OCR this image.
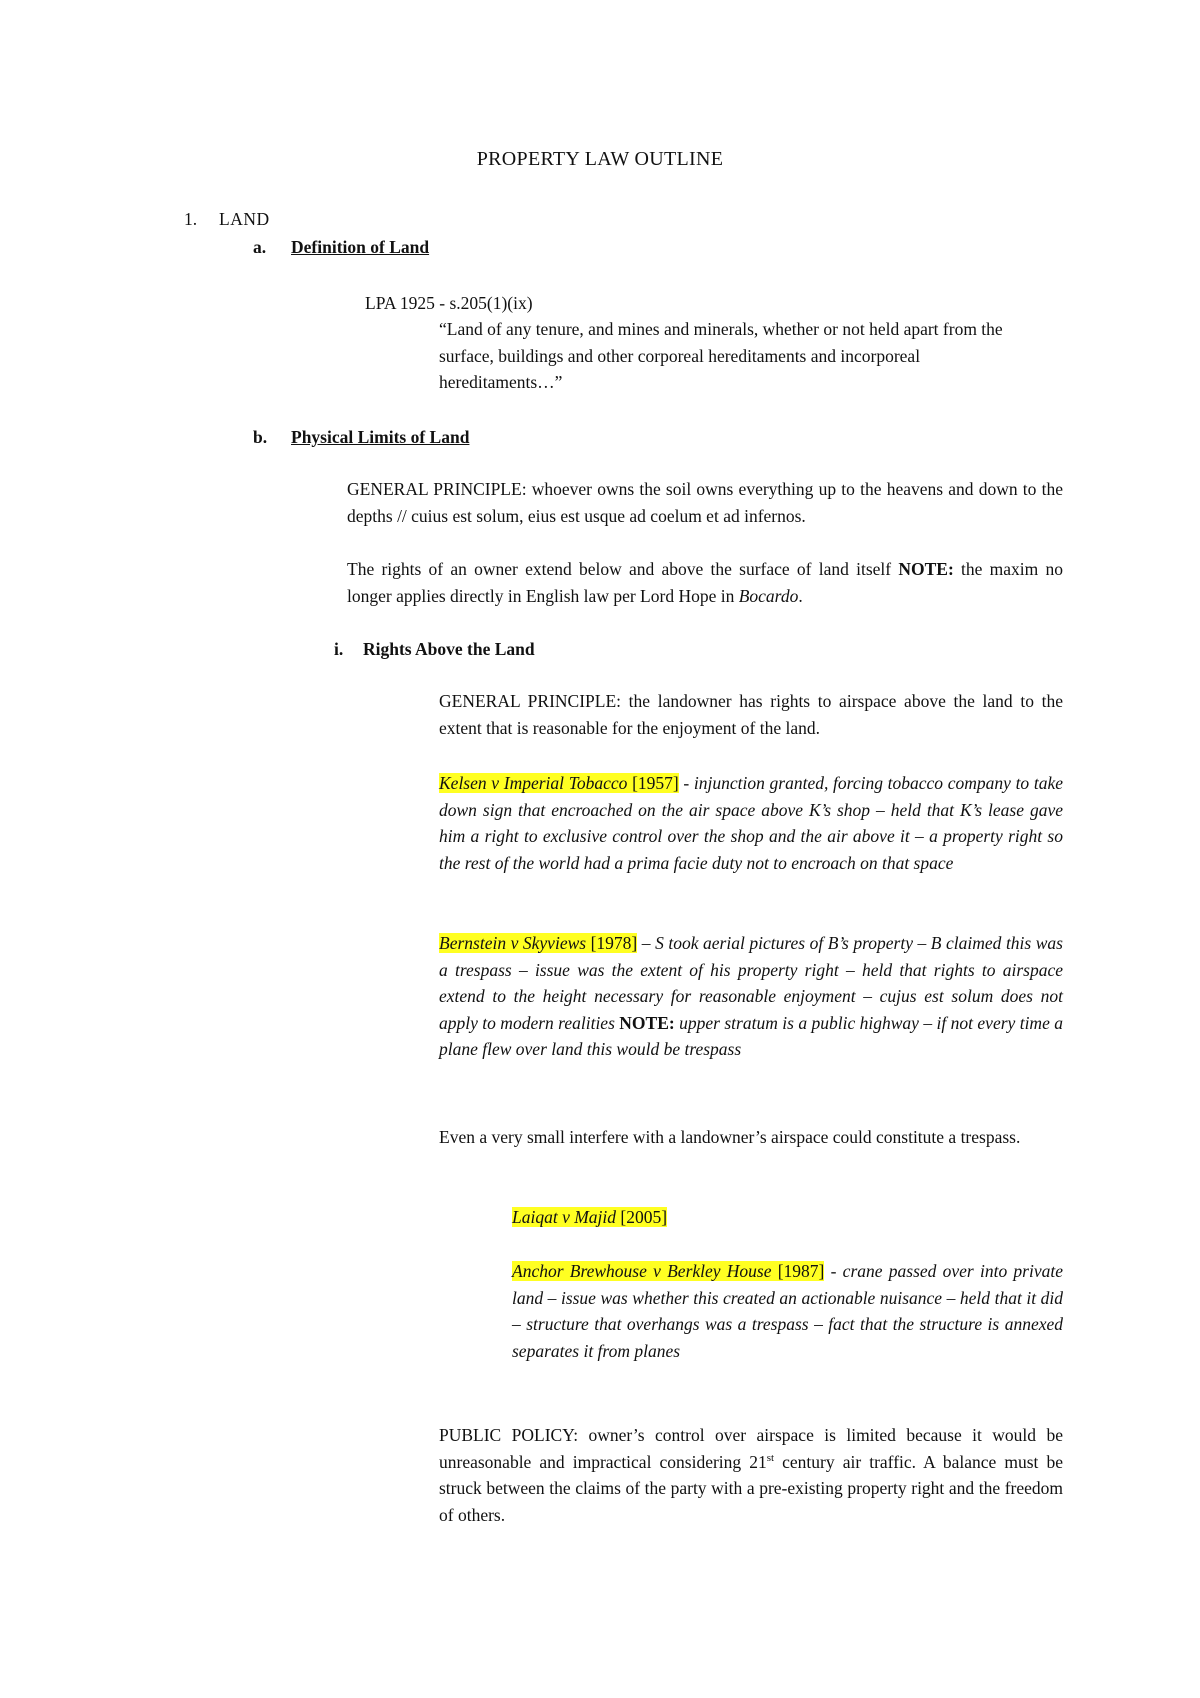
PROPERTY LAW OUTLINE
1. LAND
a. Definition of Land
LPA 1925 - s.205(1)(ix)
“Land of any tenure, and mines and minerals, whether or not held apart from the surface, buildings and other corporeal hereditaments and incorporeal hereditaments…”
b. Physical Limits of Land
GENERAL PRINCIPLE: whoever owns the soil owns everything up to the heavens and down to the depths // cuius est solum, eius est usque ad coelum et ad infernos.
The rights of an owner extend below and above the surface of land itself NOTE: the maxim no longer applies directly in English law per Lord Hope in Bocardo.
i. Rights Above the Land
GENERAL PRINCIPLE: the landowner has rights to airspace above the land to the extent that is reasonable for the enjoyment of the land.
Kelsen v Imperial Tobacco [1957] - injunction granted, forcing tobacco company to take down sign that encroached on the air space above K’s shop – held that K’s lease gave him a right to exclusive control over the shop and the air above it – a property right so the rest of the world had a prima facie duty not to encroach on that space
Bernstein v Skyviews [1978] – S took aerial pictures of B’s property – B claimed this was a trespass – issue was the extent of his property right – held that rights to airspace extend to the height necessary for reasonable enjoyment – cujus est solum does not apply to modern realities NOTE: upper stratum is a public highway – if not every time a plane flew over land this would be trespass
Even a very small interfere with a landowner’s airspace could constitute a trespass.
Laiqat v Majid [2005]
Anchor Brewhouse v Berkley House [1987] - crane passed over into private land – issue was whether this created an actionable nuisance – held that it did – structure that overhangs was a trespass – fact that the structure is annexed separates it from planes
PUBLIC POLICY: owner’s control over airspace is limited because it would be unreasonable and impractical considering 21st century air traffic. A balance must be struck between the claims of the party with a pre-existing property right and the freedom of others.
